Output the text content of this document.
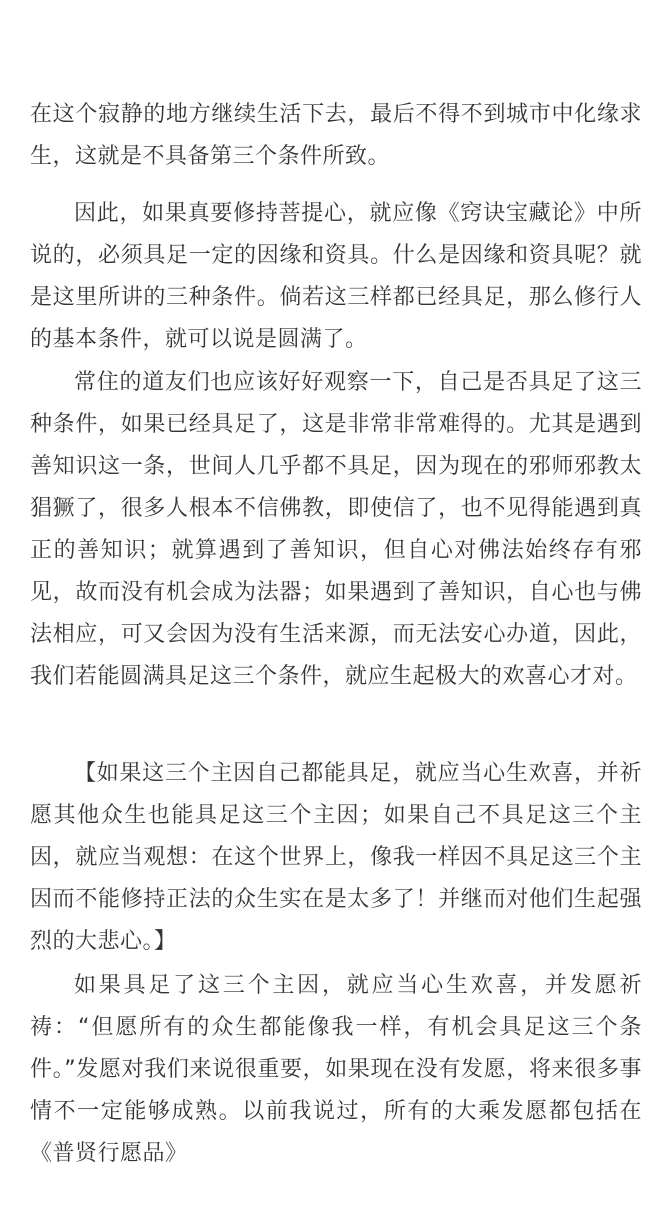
在这个寂静的地方继续生活下去，最后不得不到城市中化缘求生，这就是不具备第三个条件所致。

因此，如果真要修持菩提心，就应像《窍诀宝藏论》中所说的，必须具足一定的因缘和资具。什么是因缘和资具呢？就是这里所讲的三种条件。倘若这三样都已经具足，那么修行人的基本条件，就可以说是圆满了。

常住的道友们也应该好好观察一下，自己是否具足了这三种条件，如果已经具足了，这是非常非常难得的。尤其是遇到善知识这一条，世间人几乎都不具足，因为现在的邪师邪教太猖獗了，很多人根本不信佛教，即使信了，也不见得能遇到真正的善知识；就算遇到了善知识，但自心对佛法始终存有邪见，故而没有机会成为法器；如果遇到了善知识，自心也与佛法相应，可又会因为没有生活来源，而无法安心办道，因此，我们若能圆满具足这三个条件，就应生起极大的欢喜心才对。

【如果这三个主因自己都能具足，就应当心生欢喜，并祈愿其他众生也能具足这三个主因；如果自己不具足这三个主因，就应当观想：在这个世界上，像我一样因不具足这三个主因而不能修持正法的众生实在是太多了！并继而对他们生起强烈的大悲心。】

如果具足了这三个主因，就应当心生欢喜，并发愿祈祷：“但愿所有的众生都能像我一样，有机会具足这三个条件。”发愿对我们来说很重要，如果现在没有发愿，将来很多事情不一定能够成熟。以前我说过，所有的大乘发愿都包括在《普贤行愿品》
